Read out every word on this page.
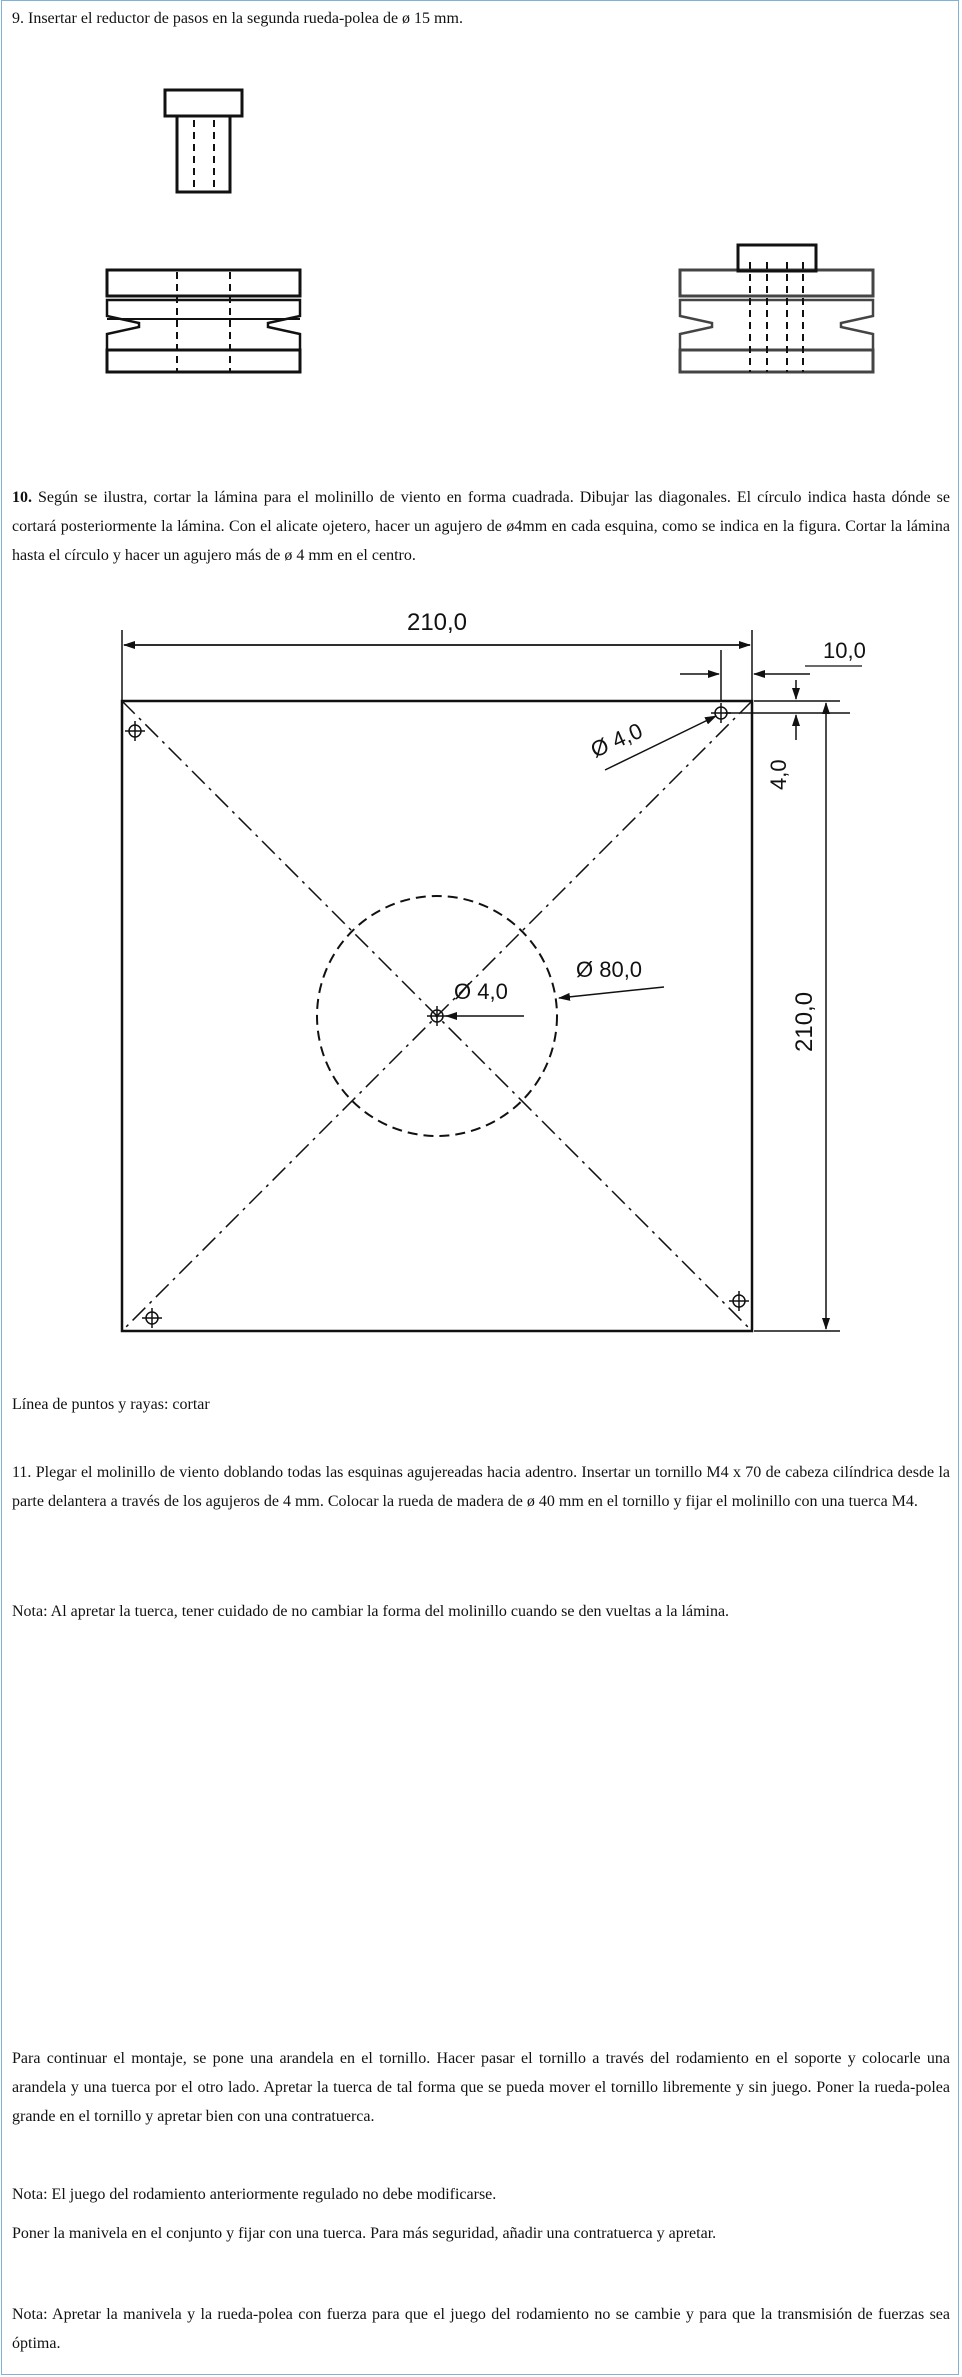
9. Insertar el reductor de pasos en la segunda rueda-polea de ø 15 mm.
10. Según se ilustra, cortar la lámina para el molinillo de viento en forma cuadrada. Dibujar las diagonales. El círculo indica hasta dónde se cortará posteriormente la lámina. Con el alicate ojetero, hacer un agujero de ø4mm en cada esquina, como se indica en la figura. Cortar la lámina hasta el círculo y hacer un agujero más de ø 4 mm en el centro.
210,0
10,0
Ø 4,0
4,0
210,0
Ø 80,0
Ø 4,0
Línea de puntos y rayas: cortar
11. Plegar el molinillo de viento doblando todas las esquinas agujereadas hacia adentro. Insertar un tornillo M4 x 70 de cabeza cilíndrica desde la parte delantera a través de los agujeros de 4 mm. Colocar la rueda de madera de ø 40 mm en el tornillo y fijar el molinillo con una tuerca M4.
Nota: Al apretar la tuerca, tener cuidado de no cambiar la forma del molinillo cuando se den vueltas a la lámina.
Para continuar el montaje, se pone una arandela en el tornillo. Hacer pasar el tornillo a través del rodamiento en el soporte y colocarle una arandela y una tuerca por el otro lado. Apretar la tuerca de tal forma que se pueda mover el tornillo libremente y sin juego. Poner la rueda-polea grande en el tornillo y apretar bien con una contratuerca.
Nota: El juego del rodamiento anteriormente regulado no debe modificarse.
Poner la manivela en el conjunto y fijar con una tuerca. Para más seguridad, añadir una contratuerca y apretar.
Nota: Apretar la manivela y la rueda-polea con fuerza para que el juego del rodamiento no se cambie y para que la transmisión de fuerzas sea óptima.
